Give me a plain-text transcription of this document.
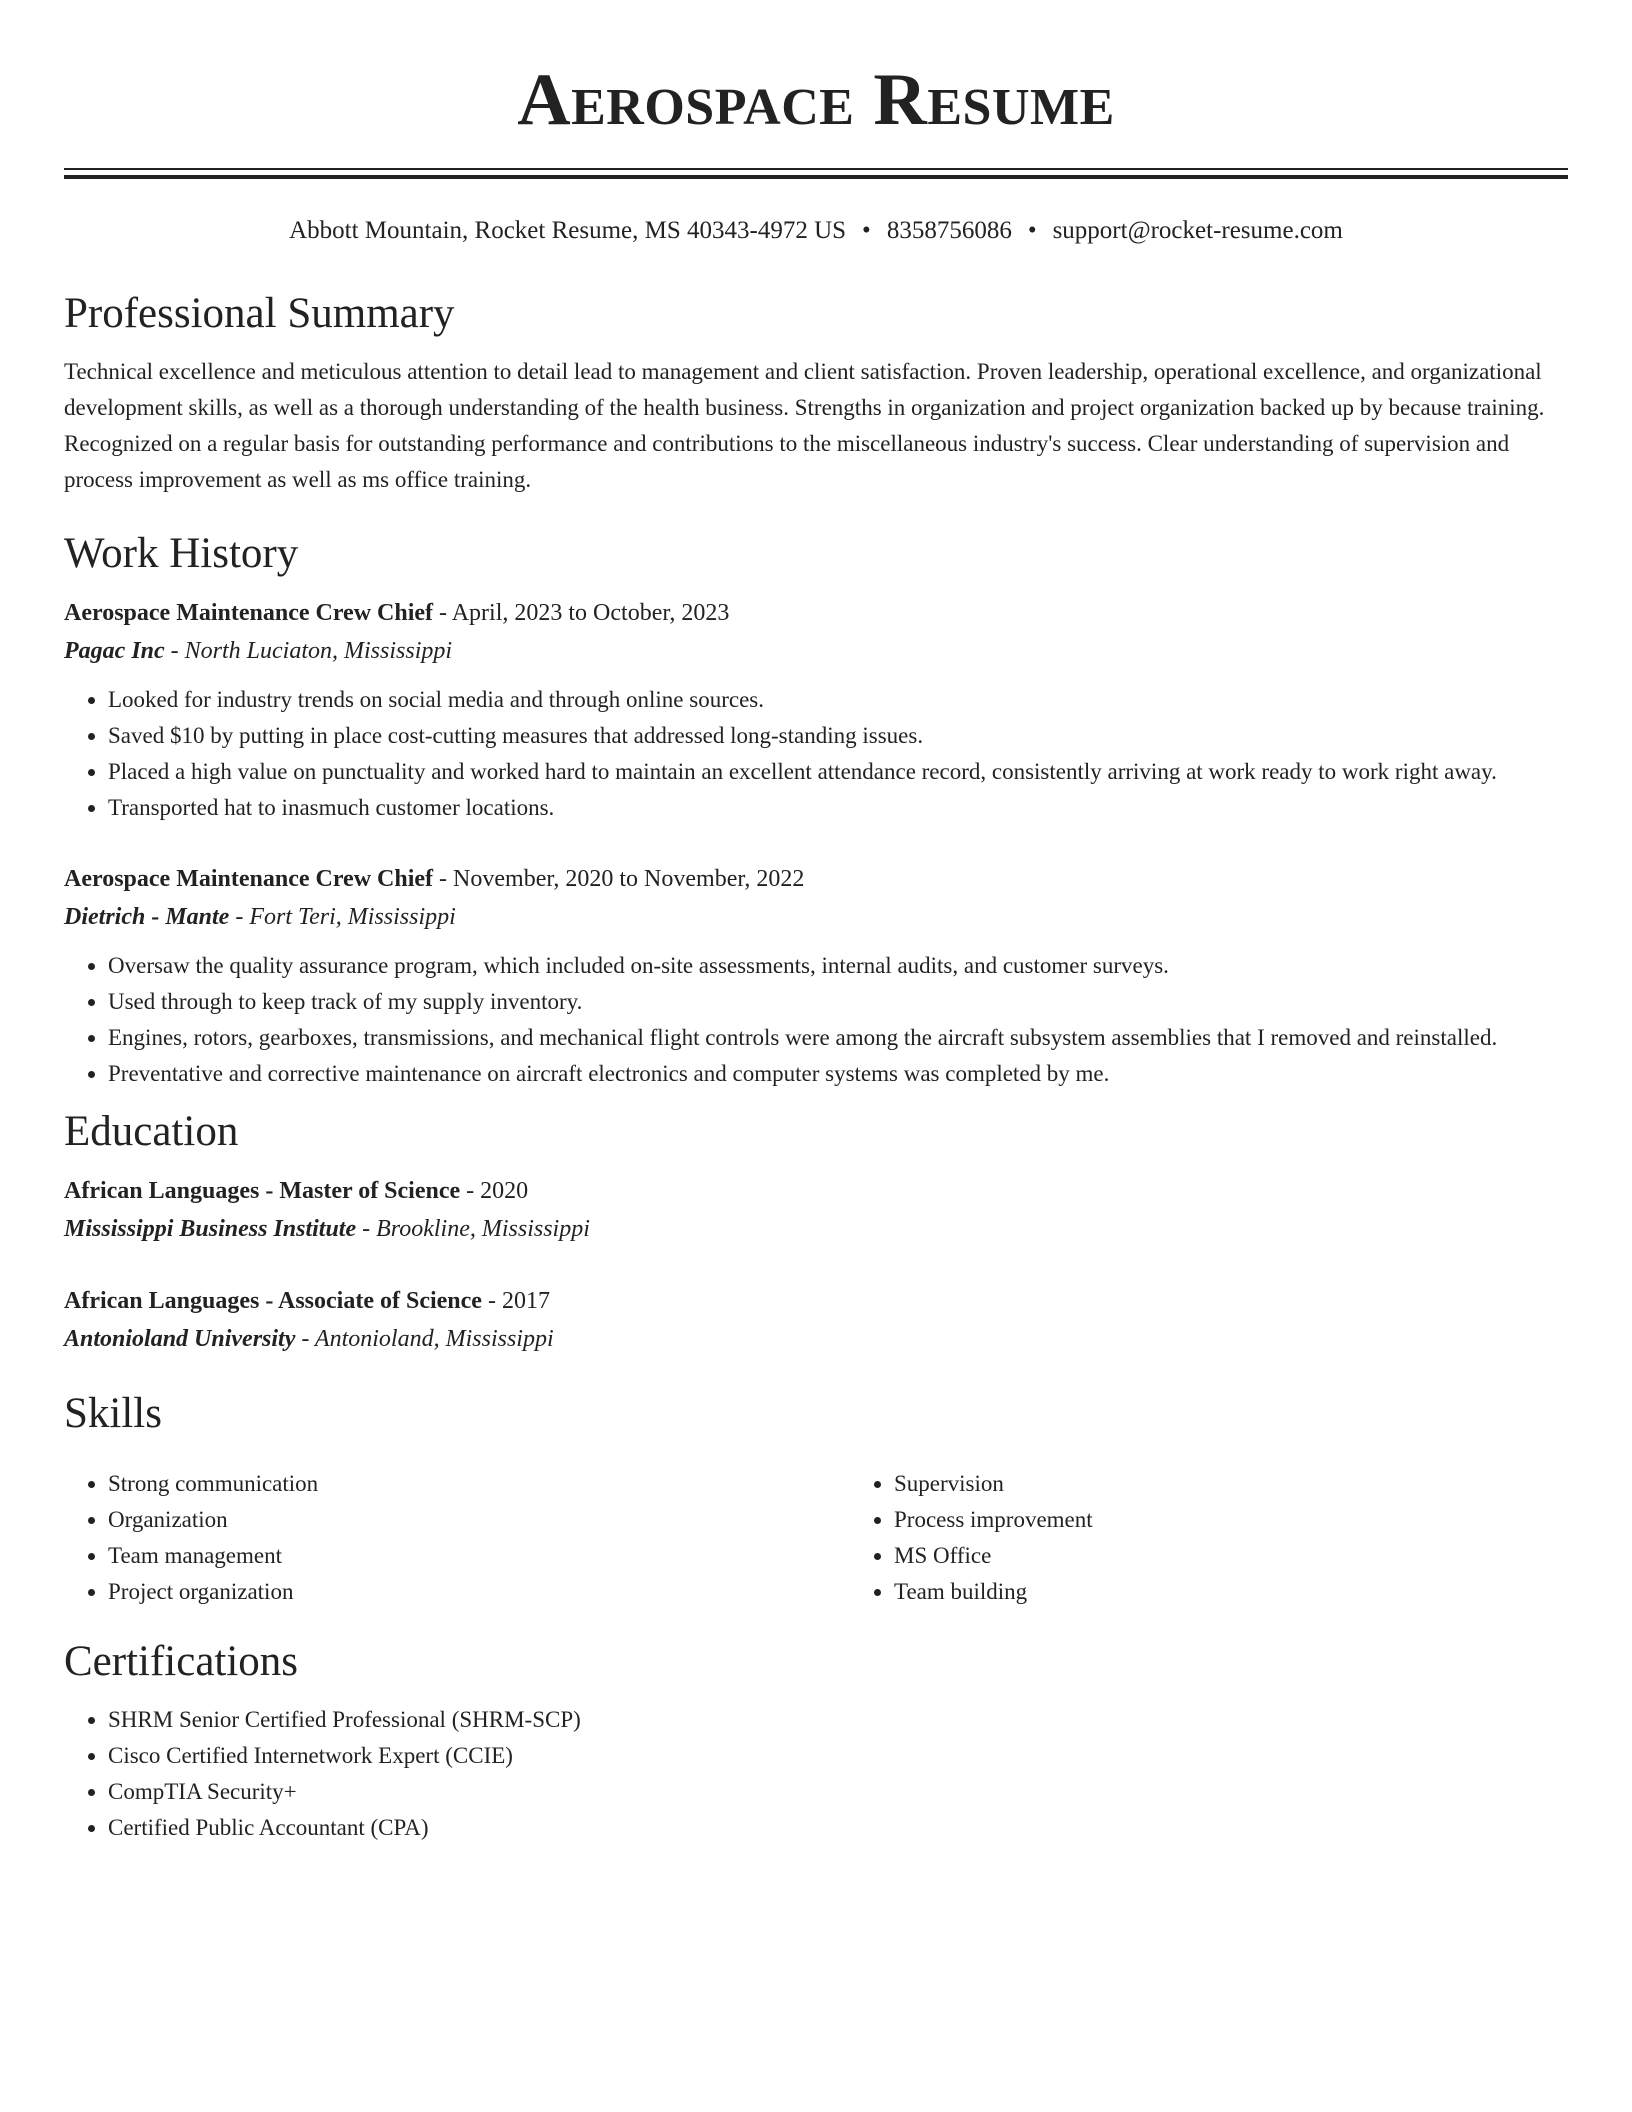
Aerospace Resume
Abbott Mountain, Rocket Resume, MS 40343-4972 US • 8358756086 • support@rocket-resume.com
Professional Summary

Technical excellence and meticulous attention to detail lead to management and client satisfaction. Proven leadership, operational excellence, and organizational development skills, as well as a thorough understanding of the health business. Strengths in organization and project organization backed up by because training. Recognized on a regular basis for outstanding performance and contributions to the miscellaneous industry's success. Clear understanding of supervision and process improvement as well as ms office training.

Work History

Aerospace Maintenance Crew Chief - April, 2023 to October, 2023

Pagac Inc - North Luciaton, Mississippi

• Looked for industry trends on social media and through online sources.
• Saved $10 by putting in place cost-cutting measures that addressed long-standing issues.
• Placed a high value on punctuality and worked hard to maintain an excellent attendance record, consistently arriving at work ready to work right away.
• Transported hat to inasmuch customer locations.

Aerospace Maintenance Crew Chief - November, 2020 to November, 2022

Dietrich - Mante - Fort Teri, Mississippi

• Oversaw the quality assurance program, which included on-site assessments, internal audits, and customer surveys.
• Used through to keep track of my supply inventory.
• Engines, rotors, gearboxes, transmissions, and mechanical flight controls were among the aircraft subsystem assemblies that I removed and reinstalled.
• Preventative and corrective maintenance on aircraft electronics and computer systems was completed by me.
Education

African Languages - Master of Science - 2020

Mississippi Business Institute - Brookline, Mississippi

African Languages - Associate of Science - 2017

Antonioland University - Antonioland, Mississippi

Skills
• Strong communication
• Organization
• Team management
• Project organization
• Supervision
• Process improvement
• MS Office
• Team building
Certifications
• SHRM Senior Certified Professional (SHRM-SCP)
• Cisco Certified Internetwork Expert (CCIE)
• CompTIA Security+
• Certified Public Accountant (CPA)
